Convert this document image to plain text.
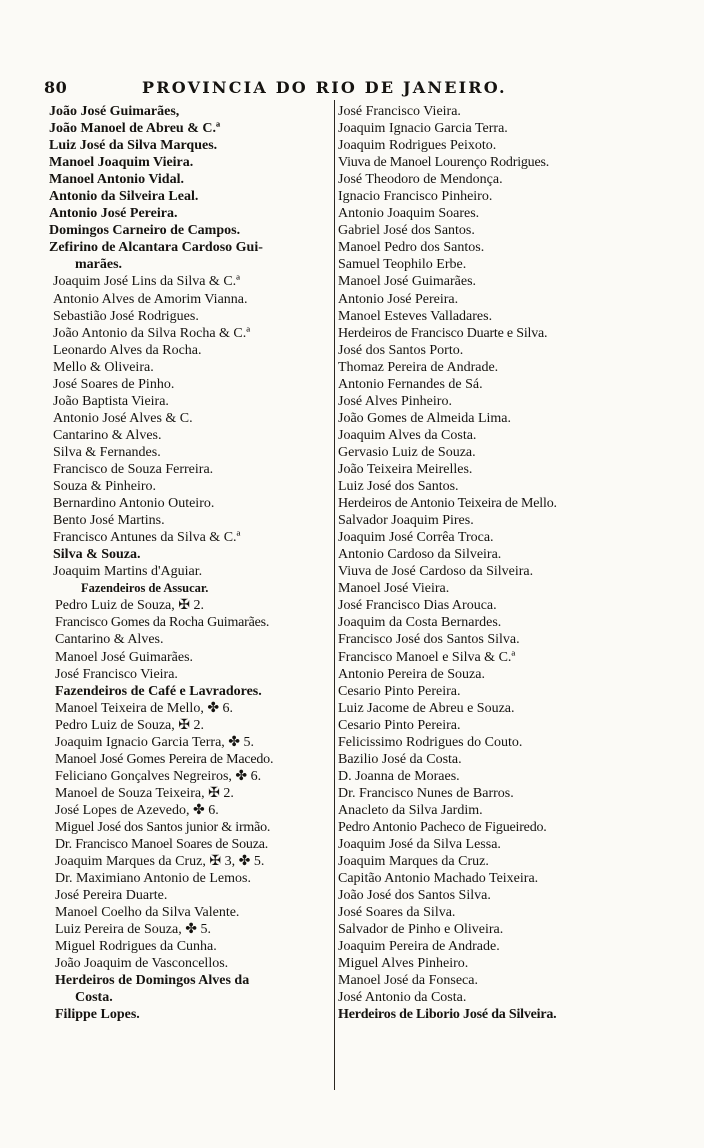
80	PROVINCIA DO RIO DE JANEIRO.
João José Guimarães,
João Manoel de Abreu & C.ª
Luiz José da Silva Marques.
Manoel Joaquim Vieira.
Manoel Antonio Vidal.
Antonio da Silveira Leal.
Antonio José Pereira.
Domingos Carneiro de Campos.
Zefirino de Alcantara Cardoso Gui-
marães.
Joaquim José Lins da Silva & C.ª
Antonio Alves de Amorim Vianna.
Sebastião José Rodrigues.
João Antonio da Silva Rocha & C.ª
Leonardo Alves da Rocha.
Mello & Oliveira.
José Soares de Pinho.
João Baptista Vieira.
Antonio José Alves & C.
Cantarino & Alves.
Silva & Fernandes.
Francisco de Souza Ferreira.
Souza & Pinheiro.
Bernardino Antonio Outeiro.
Bento José Martins.
Francisco Antunes da Silva & C.ª
Silva & Souza.
Joaquim Martins d'Aguiar.
Fazendeiros de Assucar.
Pedro Luiz de Souza, ✠ 2.
Francisco Gomes da Rocha Guimarães.
Cantarino & Alves.
Manoel José Guimarães.
José Francisco Vieira.
Fazendeiros de Café e Lavradores.
Manoel Teixeira de Mello, ✤ 6.
Pedro Luiz de Souza, ✠ 2.
Joaquim Ignacio Garcia Terra, ✤ 5.
Manoel José Gomes Pereira de Macedo.
Feliciano Gonçalves Negreiros, ✤ 6.
Manoel de Souza Teixeira, ✠ 2.
José Lopes de Azevedo, ✤ 6.
Miguel José dos Santos junior & irmão.
Dr. Francisco Manoel Soares de Souza.
Joaquim Marques da Cruz, ✠ 3, ✤ 5.
Dr. Maximiano Antonio de Lemos.
José Pereira Duarte.
Manoel Coelho da Silva Valente.
Luiz Pereira de Souza, ✤ 5.
Miguel Rodrigues da Cunha.
João Joaquim de Vasconcellos.
Herdeiros de Domingos Alves da
Costa.
Filippe Lopes.
José Francisco Vieira.
Joaquim Ignacio Garcia Terra.
Joaquim Rodrigues Peixoto.
Viuva de Manoel Lourenço Rodrigues.
José Theodoro de Mendonça.
Ignacio Francisco Pinheiro.
Antonio Joaquim Soares.
Gabriel José dos Santos.
Manoel Pedro dos Santos.
Samuel Teophilo Erbe.
Manoel José Guimarães.
Antonio José Pereira.
Manoel Esteves Valladares.
Herdeiros de Francisco Duarte e Silva.
José dos Santos Porto.
Thomaz Pereira de Andrade.
Antonio Fernandes de Sá.
José Alves Pinheiro.
João Gomes de Almeida Lima.
Joaquim Alves da Costa.
Gervasio Luiz de Souza.
João Teixeira Meirelles.
Luiz José dos Santos.
Herdeiros de Antonio Teixeira de Mello.
Salvador Joaquim Pires.
Joaquim José Corrêa Troca.
Antonio Cardoso da Silveira.
Viuva de José Cardoso da Silveira.
Manoel José Vieira.
José Francisco Dias Arouca.
Joaquim da Costa Bernardes.
Francisco José dos Santos Silva.
Francisco Manoel e Silva & C.ª
Antonio Pereira de Souza.
Cesario Pinto Pereira.
Luiz Jacome de Abreu e Souza.
Cesario Pinto Pereira.
Felicissimo Rodrigues do Couto.
Bazilio José da Costa.
D. Joanna de Moraes.
Dr. Francisco Nunes de Barros.
Anacleto da Silva Jardim.
Pedro Antonio Pacheco de Figueiredo.
Joaquim José da Silva Lessa.
Joaquim Marques da Cruz.
Capitão Antonio Machado Teixeira.
João José dos Santos Silva.
José Soares da Silva.
Salvador de Pinho e Oliveira.
Joaquim Pereira de Andrade.
Miguel Alves Pinheiro.
Manoel José da Fonseca.
José Antonio da Costa.
Herdeiros de Liborio José da Silveira.
